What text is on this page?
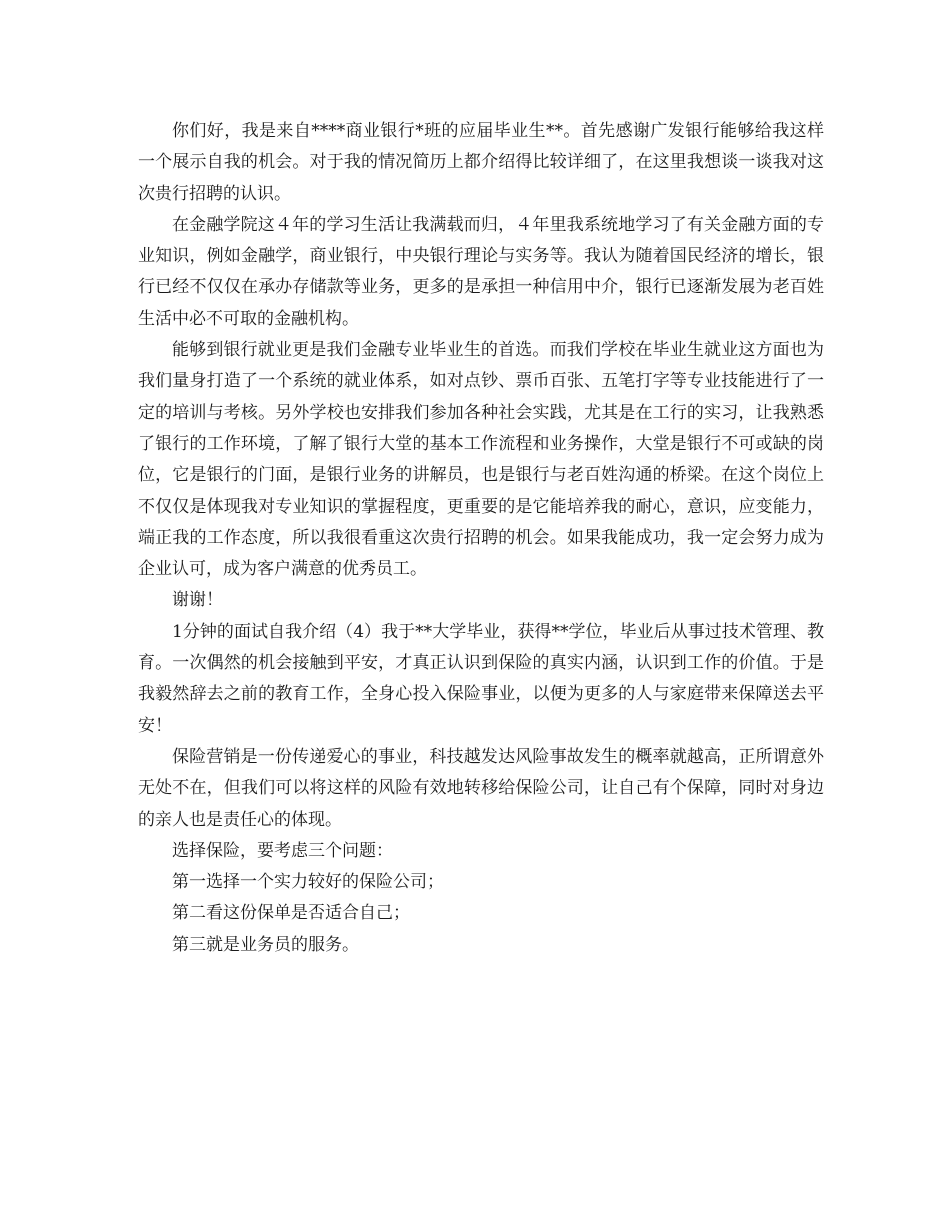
你们好，我是来自****商业银行*班的应届毕业生**。首先感谢广发银行能够给我这样一个展示自我的机会。对于我的情况简历上都介绍得比较详细了，在这里我想谈一谈我对这次贵行招聘的认识。

在金融学院这４年的学习生活让我满载而归，４年里我系统地学习了有关金融方面的专业知识，例如金融学，商业银行，中央银行理论与实务等。我认为随着国民经济的增长，银行已经不仅仅在承办存储款等业务，更多的是承担一种信用中介，银行已逐渐发展为老百姓生活中必不可取的金融机构。

能够到银行就业更是我们金融专业毕业生的首选。而我们学校在毕业生就业这方面也为我们量身打造了一个系统的就业体系，如对点钞、票币百张、五笔打字等专业技能进行了一定的培训与考核。另外学校也安排我们参加各种社会实践，尤其是在工行的实习，让我熟悉了银行的工作环境，了解了银行大堂的基本工作流程和业务操作，大堂是银行不可或缺的岗位，它是银行的门面，是银行业务的讲解员，也是银行与老百姓沟通的桥梁。在这个岗位上不仅仅是体现我对专业知识的掌握程度，更重要的是它能培养我的耐心，意识，应变能力，端正我的工作态度，所以我很看重这次贵行招聘的机会。如果我能成功，我一定会努力成为企业认可，成为客户满意的优秀员工。

谢谢！

1分钟的面试自我介绍（4）我于**大学毕业，获得**学位，毕业后从事过技术管理、教育。一次偶然的机会接触到平安，才真正认识到保险的真实内涵，认识到工作的价值。于是我毅然辞去之前的教育工作，全身心投入保险事业，以便为更多的人与家庭带来保障送去平安！

保险营销是一份传递爱心的事业，科技越发达风险事故发生的概率就越高，正所谓意外无处不在，但我们可以将这样的风险有效地转移给保险公司，让自己有个保障，同时对身边的亲人也是责任心的体现。

选择保险，要考虑三个问题：

第一选择一个实力较好的保险公司；

第二看这份保单是否适合自己；

第三就是业务员的服务。
